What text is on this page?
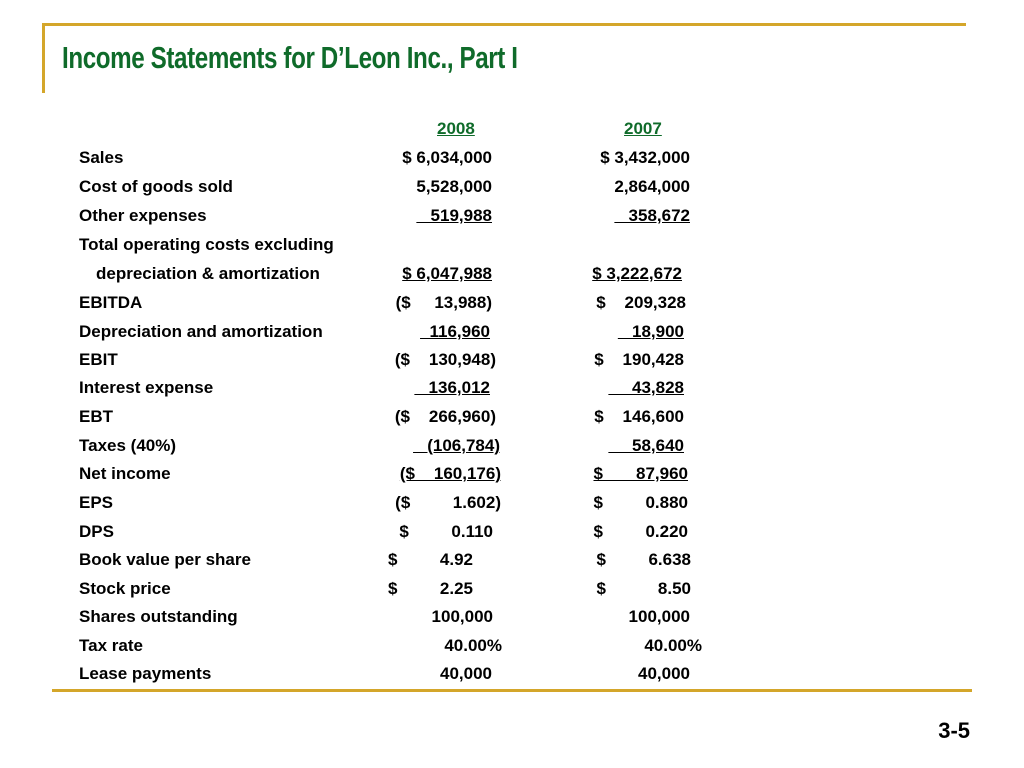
Income Statements for D’Leon Inc., Part I
2008	2007
Sales	$ 6,034,000	$ 3,432,000
Cost of goods sold	5,528,000	2,864,000
Other expenses	519,988	358,672
Total operating costs excluding
depreciation & amortization	$ 6,047,988	$ 3,222,672
EBITDA	($     13,988)	$    209,328
Depreciation and amortization	116,960	18,900
EBIT	($    130,948)	$    190,428
Interest expense	136,012	43,828
EBT	($    266,960)	$    146,600
Taxes (40%)	(106,784)	58,640
Net income	($    160,176)	$       87,960
EPS	($         1.602)	$         0.880
DPS	$         0.110	$         0.220
Book value per share	$         4.92	$         6.638
Stock price	$         2.25	$           8.50
Shares outstanding	100,000	100,000
Tax rate	40.00%	40.00%
Lease payments	40,000	40,000
3-5
